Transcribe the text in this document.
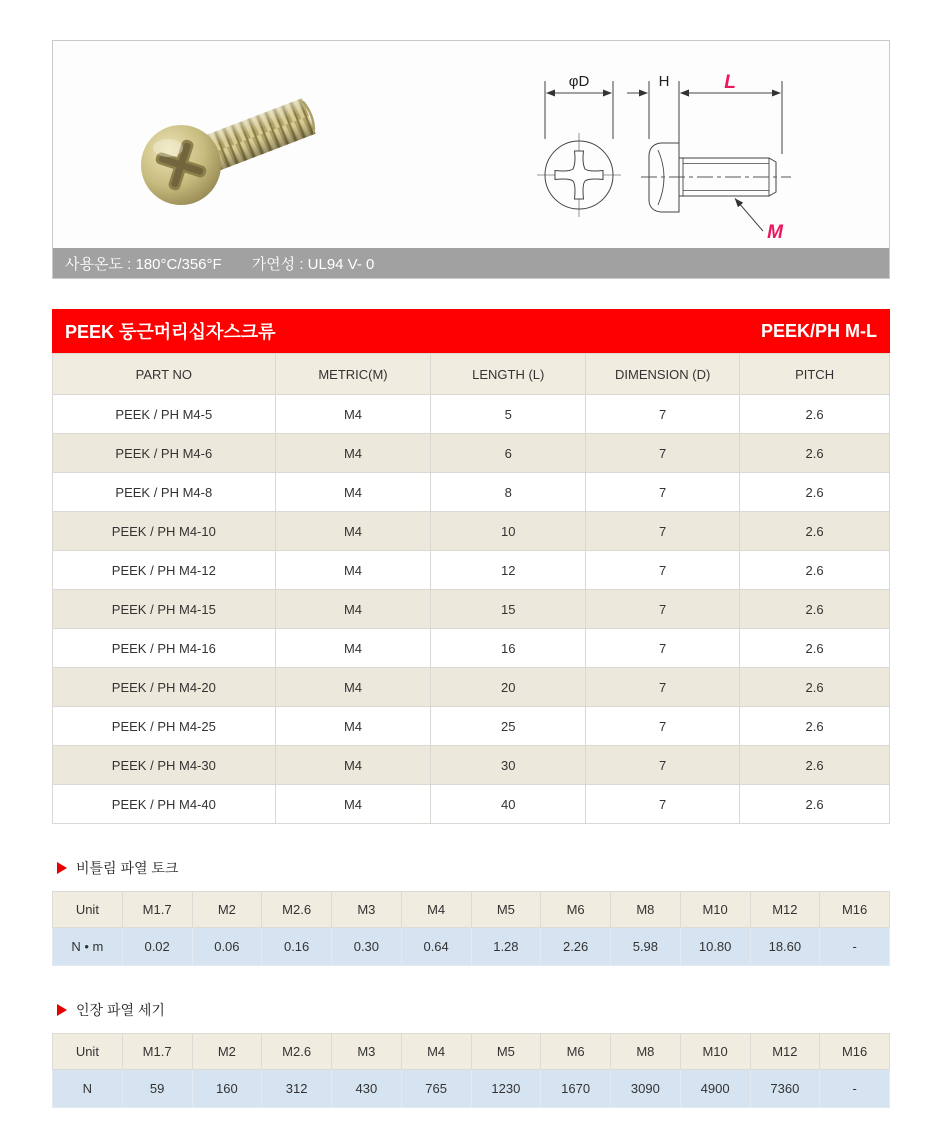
φD	H	L
M
사용온도 : 180°C/356°F 가연성 : UL94 V- 0
PEEK 둥근머리십자스크류	PEEK/PH M-L
PART NO	METRIC(M)	LENGTH (L)	DIMENSION (D)	PITCH
PEEK / PH M4-5	M4	5	7	2.6
PEEK / PH M4-6	M4	6	7	2.6
PEEK / PH M4-8	M4	8	7	2.6
PEEK / PH M4-10	M4	10	7	2.6
PEEK / PH M4-12	M4	12	7	2.6
PEEK / PH M4-15	M4	15	7	2.6
PEEK / PH M4-16	M4	16	7	2.6
PEEK / PH M4-20	M4	20	7	2.6
PEEK / PH M4-25	M4	25	7	2.6
PEEK / PH M4-30	M4	30	7	2.6
PEEK / PH M4-40	M4	40	7	2.6
비틀림 파열 토크
Unit	M1.7	M2	M2.6	M3	M4	M5	M6	M8	M10	M12	M16
N • m	0.02	0.06	0.16	0.30	0.64	1.28	2.26	5.98	10.80	18.60	-
인장 파열 세기
Unit	M1.7	M2	M2.6	M3	M4	M5	M6	M8	M10	M12	M16
N	59	160	312	430	765	1230	1670	3090	4900	7360	-
